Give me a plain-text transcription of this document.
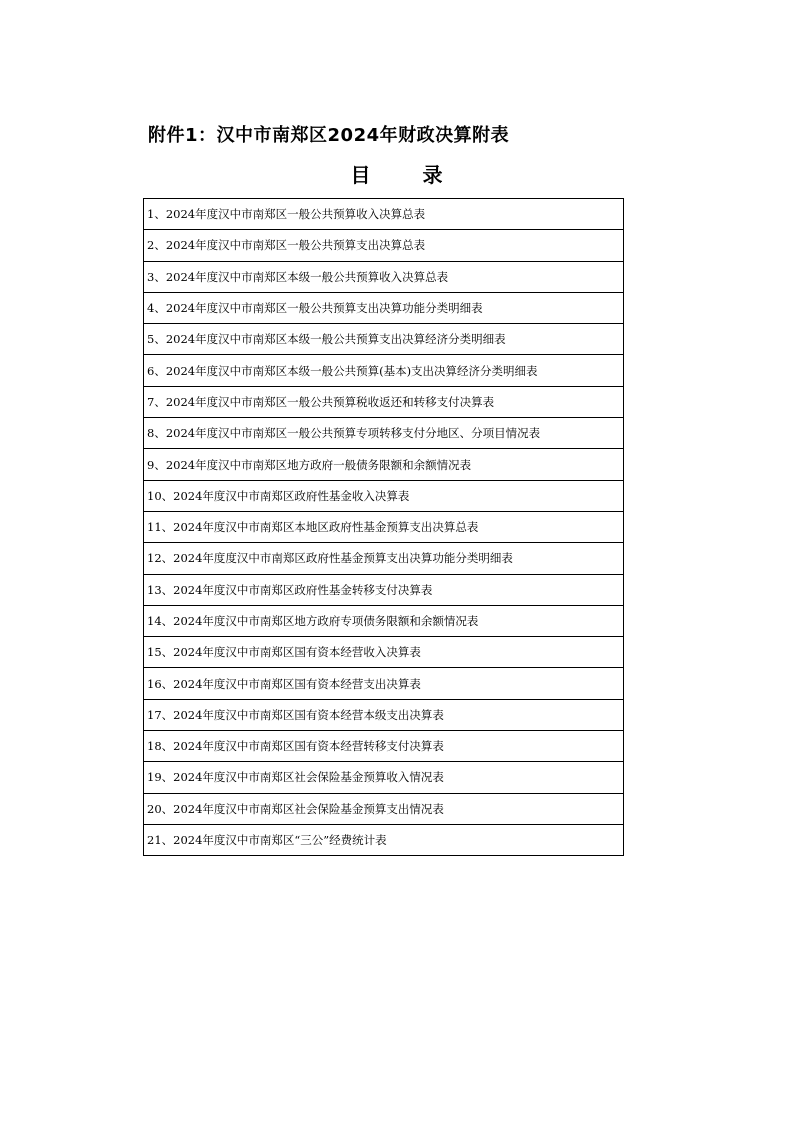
附件1：汉中市南郑区2024年财政决算附表
目	录
1、2024年度汉中市南郑区一般公共预算收入决算总表
2、2024年度汉中市南郑区一般公共预算支出决算总表
3、2024年度汉中市南郑区本级一般公共预算收入决算总表
4、2024年度汉中市南郑区一般公共预算支出决算功能分类明细表
5、2024年度汉中市南郑区本级一般公共预算支出决算经济分类明细表
6、2024年度汉中市南郑区本级一般公共预算(基本)支出决算经济分类明细表
7、2024年度汉中市南郑区一般公共预算税收返还和转移支付决算表
8、2024年度汉中市南郑区一般公共预算专项转移支付分地区、分项目情况表
9、2024年度汉中市南郑区地方政府一般债务限额和余额情况表
10、2024年度汉中市南郑区政府性基金收入决算表
11、2024年度汉中市南郑区本地区政府性基金预算支出决算总表
12、2024年度度汉中市南郑区政府性基金预算支出决算功能分类明细表
13、2024年度汉中市南郑区政府性基金转移支付决算表
14、2024年度汉中市南郑区地方政府专项债务限额和余额情况表
15、2024年度汉中市南郑区国有资本经营收入决算表
16、2024年度汉中市南郑区国有资本经营支出决算表
17、2024年度汉中市南郑区国有资本经营本级支出决算表
18、2024年度汉中市南郑区国有资本经营转移支付决算表
19、2024年度汉中市南郑区社会保险基金预算收入情况表
20、2024年度汉中市南郑区社会保险基金预算支出情况表
21、2024年度汉中市南郑区“三公”经费统计表
